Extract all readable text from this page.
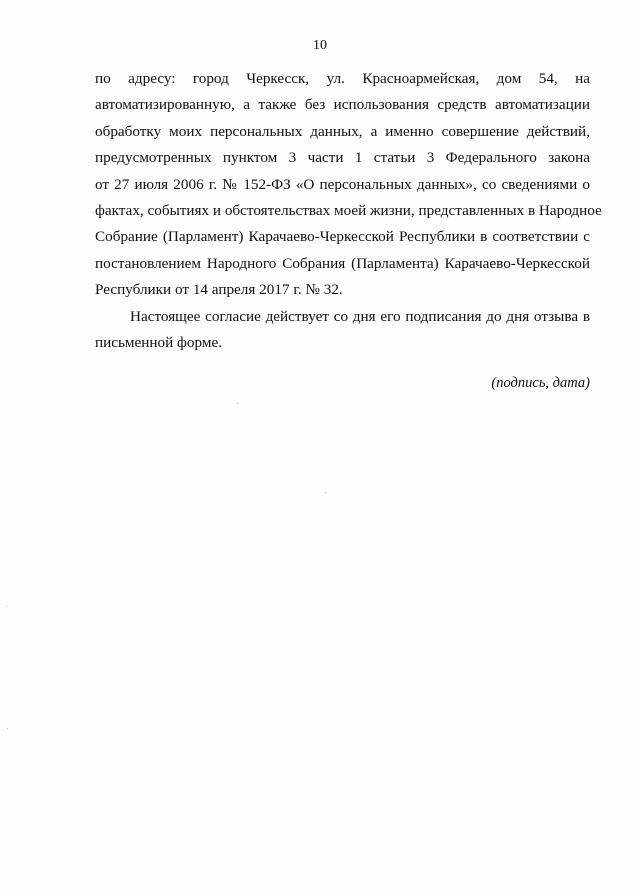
10
по адресу: город Черкесск, ул. Красноармейская, дом 54, на
автоматизированную, а также без использования средств автоматизации
обработку моих персональных данных, а именно совершение действий,
предусмотренных пунктом 3 части 1 статьи 3 Федерального закона
от 27 июля 2006 г. № 152-ФЗ «О персональных данных», со сведениями о
фактах, событиях и обстоятельствах моей жизни, представленных в Народное
Собрание (Парламент) Карачаево-Черкесской Республики в соответствии с
постановлением Народного Собрания (Парламента) Карачаево-Черкесской
Республики от 14 апреля 2017 г. № 32.
Настоящее согласие действует со дня его подписания до дня отзыва в
письменной форме.
(подпись, дата)
